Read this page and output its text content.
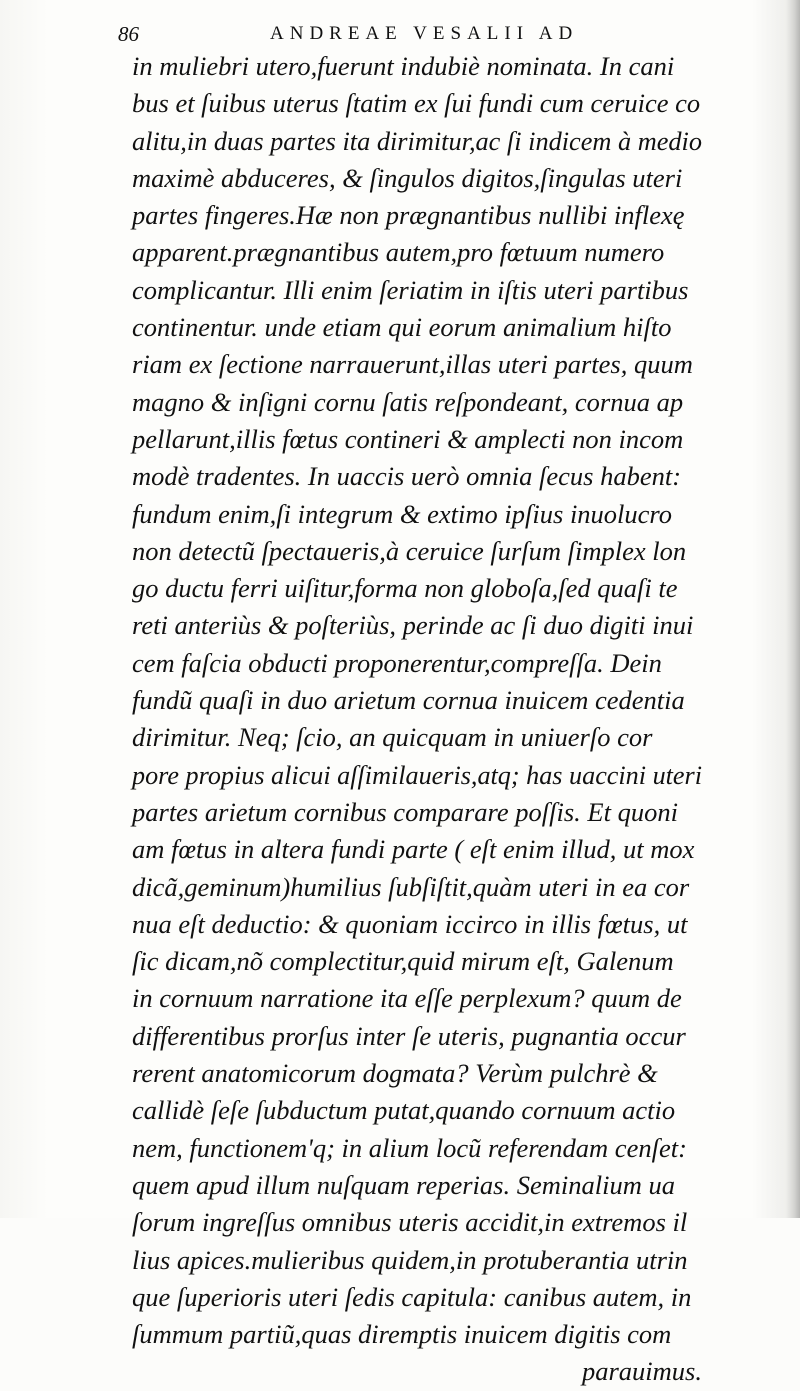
86	ANDREAE VESALII AD
in muliebri utero,fuerunt indubiè nominata. In cani
bus et ſuibus uterus ſtatim ex ſui fundi cum ceruice co
alitu,in duas partes ita dirimitur,ac ſi indicem à medio
maximè abduceres, & ſingulos digitos,ſingulas uteri
partes fingeres.Hæ non prægnantibus nullibi inflexę
apparent.prægnantibus autem,pro fœtuum numero
complicantur. Illi enim ſeriatim in iſtis uteri partibus
continentur. unde etiam qui eorum animalium hiſto
riam ex ſectione narrauerunt,illas uteri partes, quum
magno & inſigni cornu ſatis reſpondeant, cornua ap
pellarunt,illis fœtus contineri & amplecti non incom
modè tradentes. In uaccis uerò omnia ſecus habent:
fundum enim,ſi integrum & extimo ipſius inuolucro
non detectũ ſpectaueris,à ceruice ſurſum ſimplex lon
go ductu ferri uiſitur,forma non globoſa,ſed quaſi te
reti anteriùs & poſteriùs, perinde ac ſi duo digiti inui
cem faſcia obducti proponerentur,compreſſa. Dein
fundũ quaſi in duo arietum cornua inuicem cedentia
dirimitur. Neq; ſcio, an quicquam in uniuerſo cor
pore propius alicui aſſimilaueris,atq; has uaccini uteri
partes arietum cornibus comparare poſſis. Et quoni
am fœtus in altera fundi parte ( eſt enim illud, ut mox
dicã,geminum)humilius ſubſiſtit,quàm uteri in ea cor
nua eſt deductio: & quoniam iccirco in illis fœtus, ut
ſic dicam,nõ complectitur,quid mirum eſt, Galenum
in cornuum narratione ita eſſe perplexum? quum de
differentibus prorſus inter ſe uteris, pugnantia occur
rerent anatomicorum dogmata? Verùm pulchrè &
callidè ſeſe ſubductum putat,quando cornuum actio
nem, functionem'q; in alium locũ referendam cenſet:
quem apud illum nuſquam reperias. Seminalium ua
ſorum ingreſſus omnibus uteris accidit,in extremos il
lius apices.mulieribus quidem,in protuberantia utrin
que ſuperioris uteri ſedis capitula: canibus autem, in
ſummum partiũ,quas diremptis inuicem digitis com
parauimus.
